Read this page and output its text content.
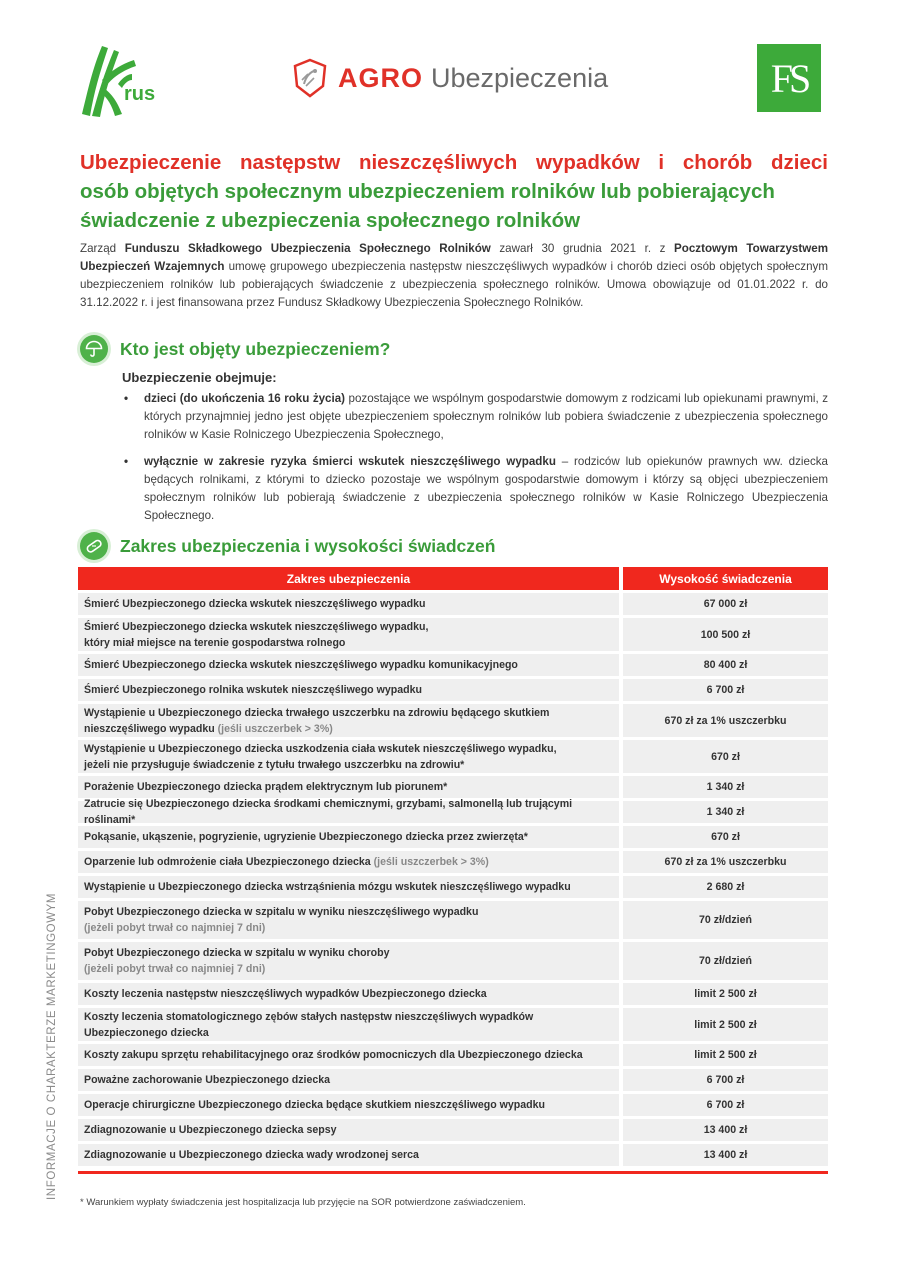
rus
AGRO Ubezpieczenia	FS
Ubezpieczenie następstw nieszczęśliwych wypadków i chorób dzieci
osób objętych społecznym ubezpieczeniem rolników lub pobierających
świadczenie z ubezpieczenia społecznego rolników

Zarząd Funduszu Składkowego Ubezpieczenia Społecznego Rolników zawarł 30 grudnia 2021 r. z Pocztowym Towarzystwem Ubezpieczeń Wzajemnych umowę grupowego ubezpieczenia następstw nieszczęśliwych wypadków i chorób dzieci osób objętych społecznym ubezpieczeniem rolników lub pobierających świadczenie z ubezpieczenia społecznego rolników. Umowa obowiązuje od 01.01.2022 r. do 31.12.2022 r. i jest finansowana przez Fundusz Składkowy Ubezpieczenia Społecznego Rolników.

Kto jest objęty ubezpieczeniem?
Ubezpieczenie obejmuje:
• dzieci (do ukończenia 16 roku życia) pozostające we wspólnym gospodarstwie domowym z rodzicami lub opiekunami prawnymi, z których przynajmniej jedno jest objęte ubezpieczeniem społecznym rolników lub pobiera świadczenie z ubezpieczenia społecznego rolników w Kasie Rolniczego Ubezpieczenia Społecznego,
• wyłącznie w zakresie ryzyka śmierci wskutek nieszczęśliwego wypadku – rodziców lub opiekunów prawnych ww. dziecka będących rolnikami, z którymi to dziecko pozostaje we wspólnym gospodarstwie domowym i którzy są objęci ubezpieczeniem społecznym rolników lub pobierają świadczenie z ubezpieczenia społecznego rolników w Kasie Rolniczego Ubezpieczenia Społecznego.
Zakres ubezpieczenia i wysokości świadczeń
Zakres ubezpieczenia	Wysokość świadczenia
Śmierć Ubezpieczonego dziecka wskutek nieszczęśliwego wypadku	67 000 zł
Śmierć Ubezpieczonego dziecka wskutek nieszczęśliwego wypadku,
który miał miejsce na terenie gospodarstwa rolnego
100 500 zł
Śmierć Ubezpieczonego dziecka wskutek nieszczęśliwego wypadku komunikacyjnego	80 400 zł
Śmierć Ubezpieczonego rolnika wskutek nieszczęśliwego wypadku	6 700 zł
Wystąpienie u Ubezpieczonego dziecka trwałego uszczerbku na zdrowiu będącego skutkiem
nieszczęśliwego wypadku (jeśli uszczerbek > 3%)
670 zł za 1% uszczerbku
Wystąpienie u Ubezpieczonego dziecka uszkodzenia ciała wskutek nieszczęśliwego wypadku,
jeżeli nie przysługuje świadczenie z tytułu trwałego uszczerbku na zdrowiu*
670 zł
Porażenie Ubezpieczonego dziecka prądem elektrycznym lub piorunem*	1 340 zł
Zatrucie się Ubezpieczonego dziecka środkami chemicznymi, grzybami, salmonellą lub trującymi roślinami*
1 340 zł
Pokąsanie, ukąszenie, pogryzienie, ugryzienie Ubezpieczonego dziecka przez zwierzęta*	670 zł
Oparzenie lub odmrożenie ciała Ubezpieczonego dziecka (jeśli uszczerbek > 3%)	670 zł za 1% uszczerbku
Wystąpienie u Ubezpieczonego dziecka wstrząśnienia mózgu wskutek nieszczęśliwego wypadku	2 680 zł
Pobyt Ubezpieczonego dziecka w szpitalu w wyniku nieszczęśliwego wypadku
(jeżeli pobyt trwał co najmniej 7 dni)
70 zł/dzień
Pobyt Ubezpieczonego dziecka w szpitalu w wyniku choroby
(jeżeli pobyt trwał co najmniej 7 dni)
70 zł/dzień
Koszty leczenia następstw nieszczęśliwych wypadków Ubezpieczonego dziecka	limit 2 500 zł
Koszty leczenia stomatologicznego zębów stałych następstw nieszczęśliwych wypadków
Ubezpieczonego dziecka
limit 2 500 zł
Koszty zakupu sprzętu rehabilitacyjnego oraz środków pomocniczych dla Ubezpieczonego dziecka	limit 2 500 zł
Poważne zachorowanie Ubezpieczonego dziecka	6 700 zł
Operacje chirurgiczne Ubezpieczonego dziecka będące skutkiem nieszczęśliwego wypadku	6 700 zł
Zdiagnozowanie u Ubezpieczonego dziecka sepsy	13 400 zł
Zdiagnozowanie u Ubezpieczonego dziecka wady wrodzonej serca	13 400 zł

* Warunkiem wypłaty świadczenia jest hospitalizacja lub przyjęcie na SOR potwierdzone zaświadczeniem.

INFORMACJE O CHARAKTERZE MARKETINGOWYM
